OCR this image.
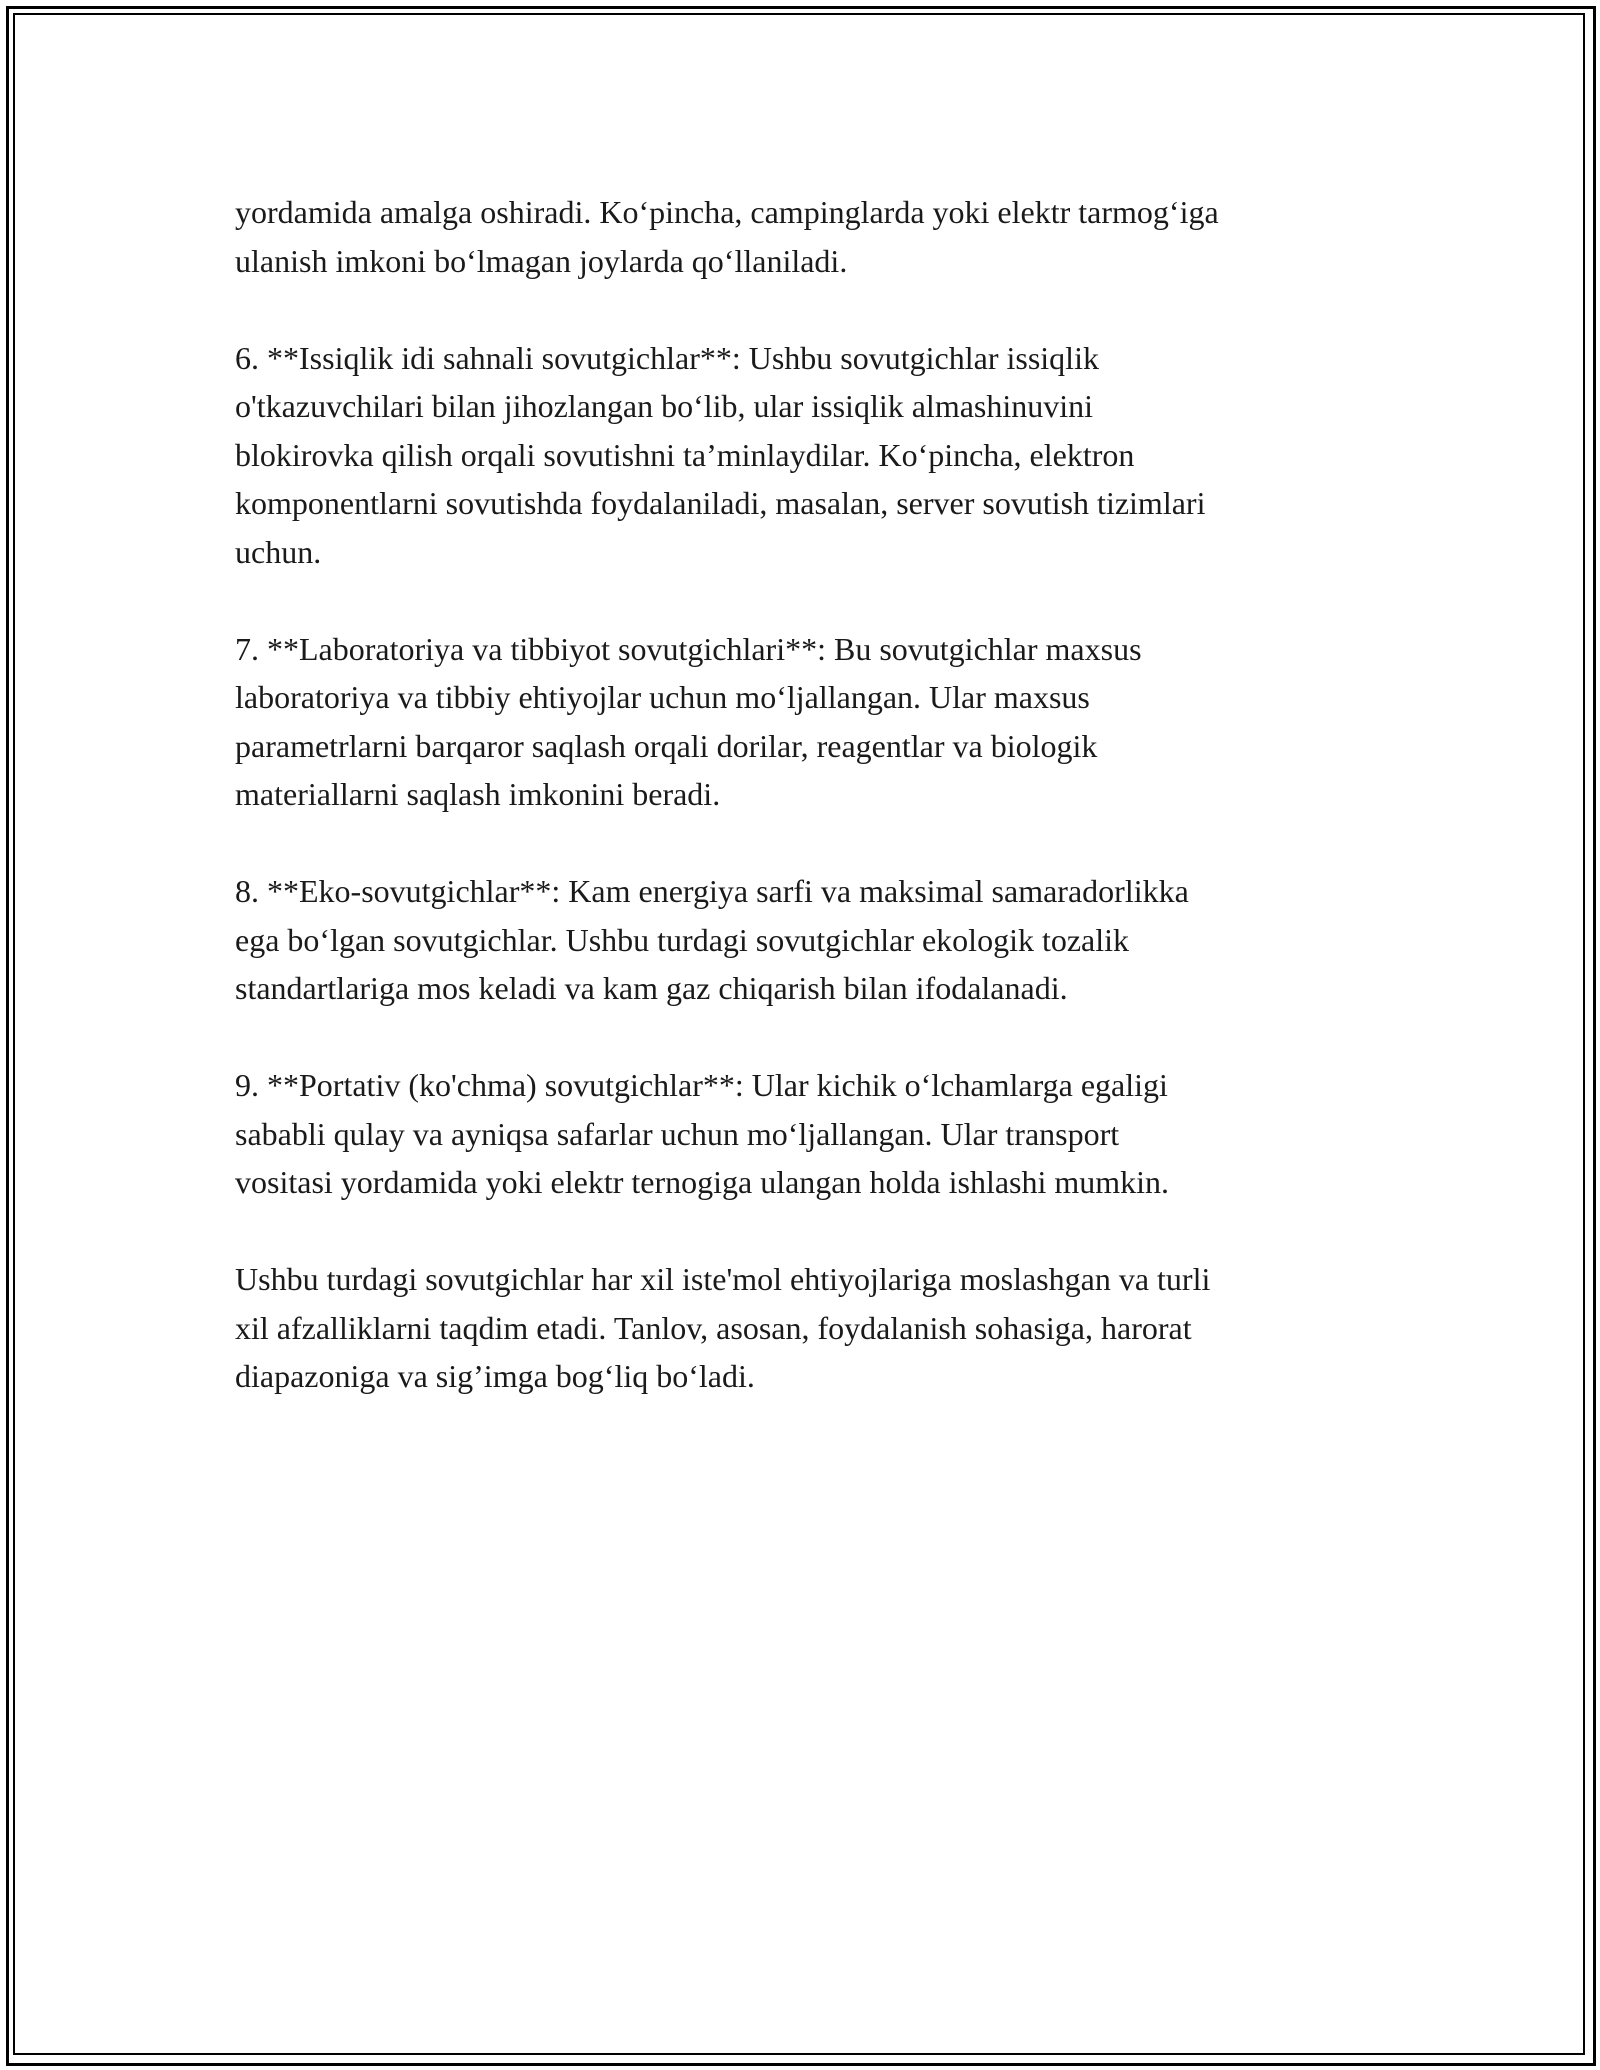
yordamida amalga oshiradi. Ko‘pincha, campinglarda yoki elektr tarmog‘iga
ulanish imkoni bo‘lmagan joylarda qo‘llaniladi.

6. **Issiqlik idi sahnali sovutgichlar**: Ushbu sovutgichlar issiqlik
o'tkazuvchilari bilan jihozlangan bo‘lib, ular issiqlik almashinuvini
blokirovka qilish orqali sovutishni ta’minlaydilar. Ko‘pincha, elektron
komponentlarni sovutishda foydalaniladi, masalan, server sovutish tizimlari
uchun.

7. **Laboratoriya va tibbiyot sovutgichlari**: Bu sovutgichlar maxsus
laboratoriya va tibbiy ehtiyojlar uchun mo‘ljallangan. Ular maxsus
parametrlarni barqaror saqlash orqali dorilar, reagentlar va biologik
materiallarni saqlash imkonini beradi.

8. **Eko-sovutgichlar**: Kam energiya sarfi va maksimal samaradorlikka
ega bo‘lgan sovutgichlar. Ushbu turdagi sovutgichlar ekologik tozalik
standartlariga mos keladi va kam gaz chiqarish bilan ifodalanadi.

9. **Portativ (ko'chma) sovutgichlar**: Ular kichik o‘lchamlarga egaligi
sababli qulay va ayniqsa safarlar uchun mo‘ljallangan. Ular transport
vositasi yordamida yoki elektr ternogiga ulangan holda ishlashi mumkin.

Ushbu turdagi sovutgichlar har xil iste'mol ehtiyojlariga moslashgan va turli
xil afzalliklarni taqdim etadi. Tanlov, asosan, foydalanish sohasiga, harorat
diapazoniga va sig’imga bog‘liq bo‘ladi.
